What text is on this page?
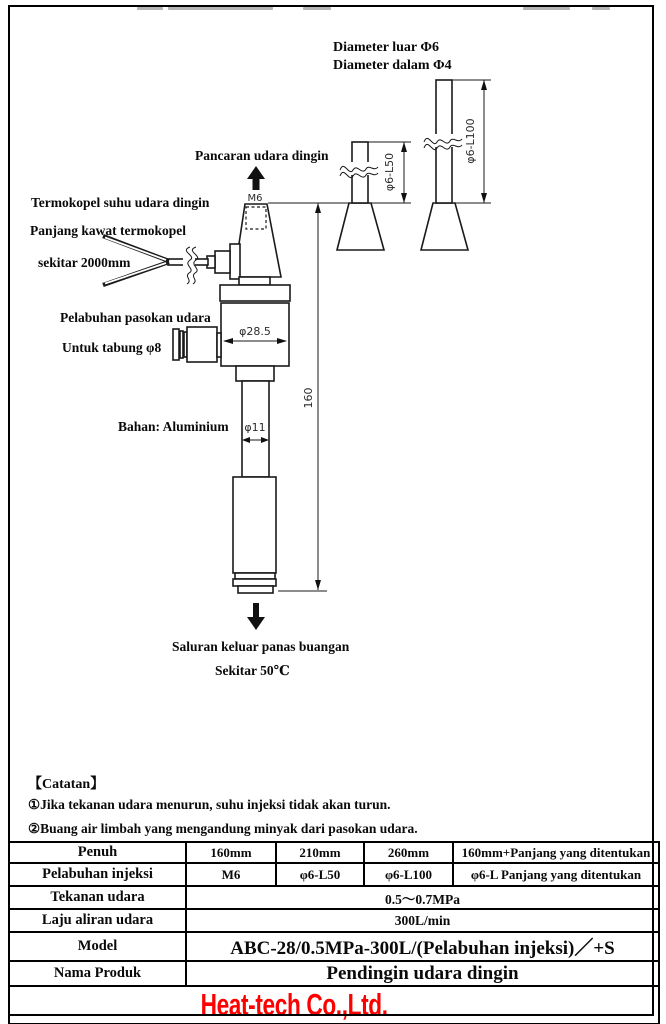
φ6-L50
φ6-L100
M6
φ28.5
φ11
160
Diameter luar Φ6
Diameter dalam Φ4
Pancaran udara dingin
Termokopel suhu udara dingin
Panjang kawat termokopel
sekitar 2000mm
Pelabuhan pasokan udara
Untuk tabung φ8
Bahan: Aluminium
Saluran keluar panas buangan
Sekitar 50℃
【Catatan】
①Jika tekanan udara menurun, suhu injeksi tidak akan turun.
②Buang air limbah yang mengandung minyak dari pasokan udara.
Penuh	160mm	210mm	260mm	160mm+Panjang yang ditentukan
Pelabuhan injeksi	M6	φ6-L50	φ6-L100	φ6-L Panjang yang ditentukan
Tekanan udara	0.5～0.7MPa			
Laju aliran udara	300L/min			
Model	ABC-28/0.5MPa-300L/(Pelabuhan injeksi)／+S			
Nama Produk	Pendingin udara dingin			
Heat-tech Co.,Ltd.				
